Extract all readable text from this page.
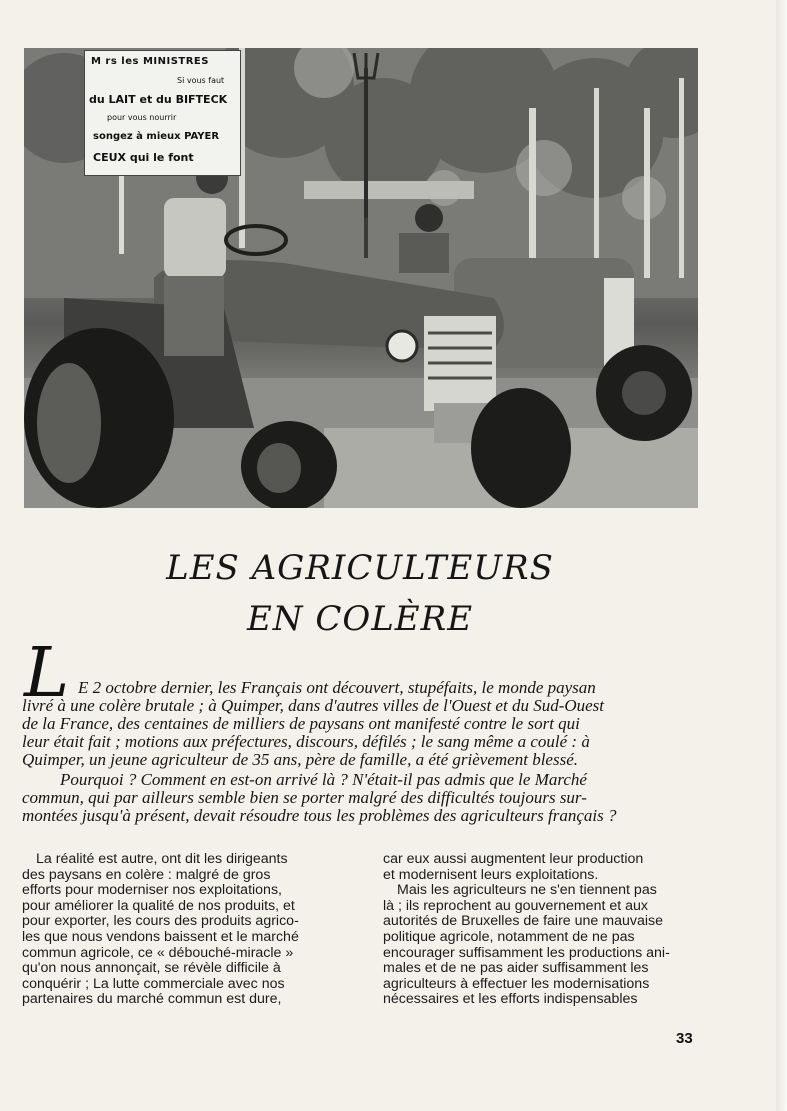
M rs les MINISTRES
Si vous faut
du LAIT et du BIFTECK
pour vous nourrir
songez à mieux PAYER
CEUX qui le font
LES AGRICULTEURS
EN COLÈRE
L E 2 octobre dernier, les Français ont découvert, stupéfaits, le monde paysan
livré à une colère brutale ; à Quimper, dans d'autres villes de l'Ouest et du Sud-Ouest
de la France, des centaines de milliers de paysans ont manifesté contre le sort qui
leur était fait ; motions aux préfectures, discours, défilés ; le sang même a coulé : à
Quimper, un jeune agriculteur de 35 ans, père de famille, a été grièvement blessé.
Pourquoi ? Comment en est-on arrivé là ? N'était-il pas admis que le Marché
commun, qui par ailleurs semble bien se porter malgré des difficultés toujours sur-
montées jusqu'à présent, devait résoudre tous les problèmes des agriculteurs français ?
La réalité est autre, ont dit les dirigeants
des paysans en colère : malgré de gros
efforts pour moderniser nos exploitations,
pour améliorer la qualité de nos produits, et
pour exporter, les cours des produits agrico-
les que nous vendons baissent et le marché
commun agricole, ce « débouché-miracle »
qu'on nous annonçait, se révèle difficile à
conquérir ; La lutte commerciale avec nos
partenaires du marché commun est dure,
car eux aussi augmentent leur production
et modernisent leurs exploitations.
Mais les agriculteurs ne s'en tiennent pas
là ; ils reprochent au gouvernement et aux
autorités de Bruxelles de faire une mauvaise
politique agricole, notamment de ne pas
encourager suffisamment les productions ani-
males et de ne pas aider suffisamment les
agriculteurs à effectuer les modernisations
nécessaires et les efforts indispensables
33
